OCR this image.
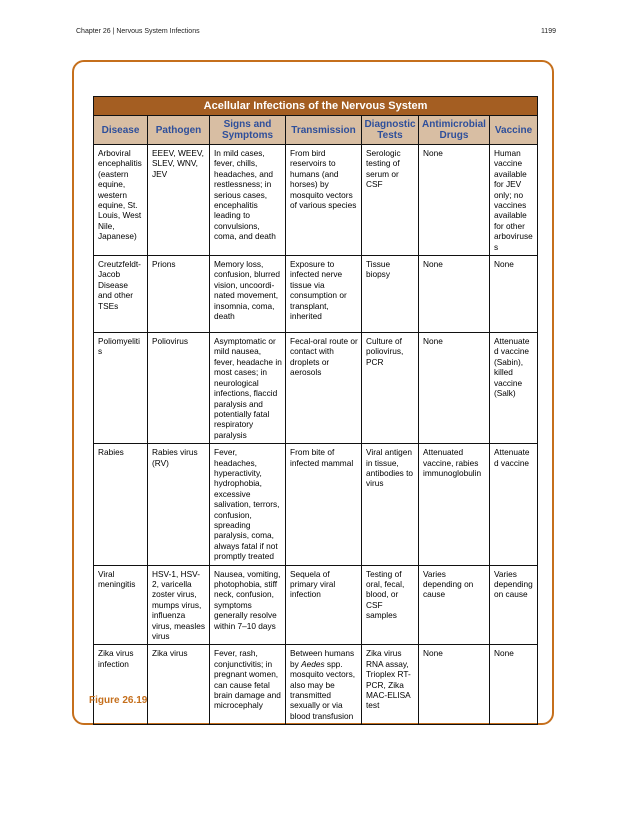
Chapter 26 | Nervous System Infections	1199
Acellular Infections of the Nervous System						
Disease	Pathogen	Signs and Symptoms	Transmission	Diagnostic Tests	Antimicrobial Drugs	Vaccine
Arboviral encephalitis (eastern equine, western equine, St. Louis, West Nile, Japanese)	EEEV, WEEV, SLEV, WNV, JEV	In mild cases, fever, chills, headaches, and restlessness; in serious cases, encephalitis leading to convulsions, coma, and death	From bird reservoirs to humans (and horses) by mosquito vectors of various species	Serologic testing of serum or CSF	None	Human vaccine available for JEV only; no vaccines available for other arboviruses
Creutzfeldt-Jacob Disease and other TSEs	Prions	Memory loss, confusion, blurred vision, uncoordi-nated movement, insomnia, coma, death	Exposure to infected nerve tissue via consumption or transplant, inherited	Tissue biopsy	None	None
Poliomyelitis	Poliovirus	Asymptomatic or mild nausea, fever, headache in most cases; in neurological infections, flaccid paralysis and potentially fatal respiratory paralysis	Fecal-oral route or contact with droplets or aerosols	Culture of poliovirus, PCR	None	Attenuated vaccine (Sabin), killed vaccine (Salk)
Rabies	Rabies virus (RV)	Fever, headaches, hyperactivity, hydrophobia, excessive salivation, terrors, confusion, spreading paralysis, coma, always fatal if not promptly treated	From bite of infected mammal	Viral antigen in tissue, antibodies to virus	Attenuated vaccine, rabies immunoglobulin	Attenuated vaccine
Viral meningitis	HSV-1, HSV-2, varicella zoster virus, mumps virus, influenza virus, measles virus	Nausea, vomiting, photophobia, stiff neck, confusion, symptoms generally resolve within 7–10 days	Sequela of primary viral infection	Testing of oral, fecal, blood, or CSF samples	Varies depending on cause	Varies depending on cause
Zika virus infection	Zika virus	Fever, rash, conjunctivitis; in pregnant women, can cause fetal brain damage and microcephaly	Between humans by Aedes spp. mosquito vectors, also may be transmitted sexually or via blood transfusion	Zika virus RNA assay, Trioplex RT-PCR, Zika MAC-ELISA test	None	None
Figure 26.19
